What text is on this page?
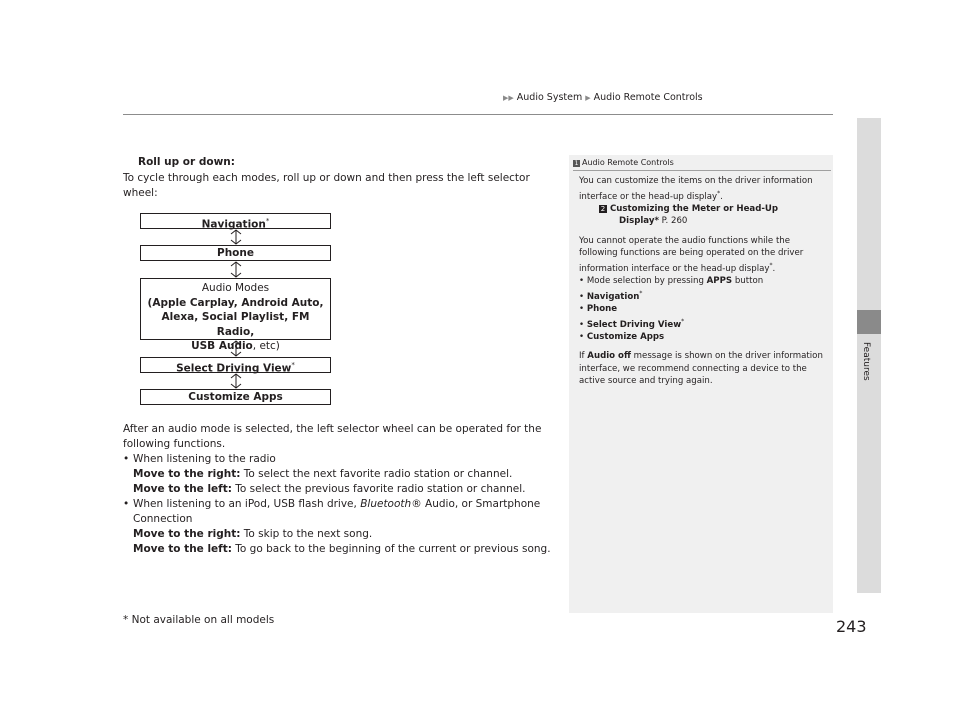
▶▶ Audio System ▶ Audio Remote Controls
Features
Roll up or down:
To cycle through each modes, roll up or down and then press the left selector wheel:
Navigation*
Phone
Audio Modes
(Apple Carplay, Android Auto,
Alexa, Social Playlist, FM Radio,
USB Audio, etc)
Select Driving View*
Customize Apps
After an audio mode is selected, the left selector wheel can be operated for the following functions.
• When listening to the radio
Move to the right: To select the next favorite radio station or channel.
Move to the left: To select the previous favorite radio station or channel.
• When listening to an iPod, USB flash drive, Bluetooth® Audio, or Smartphone
Connection
Move to the right: To skip to the next song.
Move to the left: To go back to the beginning of the current or previous song.
1 Audio Remote Controls

You can customize the items on the driver information interface or the head-up display*.

2 Customizing the Meter or Head-Up
Display* P. 260

You cannot operate the audio functions while the following functions are being operated on the driver information interface or the head-up display*.

• Mode selection by pressing APPS button
• Navigation*
• Phone
• Select Driving View*
• Customize Apps

If Audio off message is shown on the driver information interface, we recommend connecting a device to the active source and trying again.

* Not available on all models	243
